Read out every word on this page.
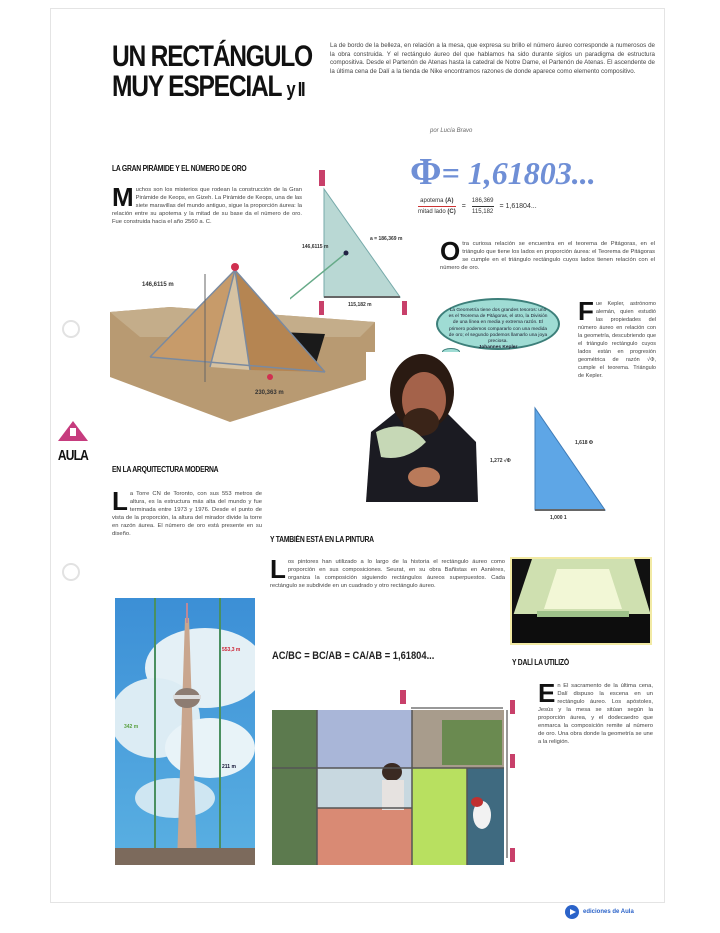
UN RECTÁNGULO
MUY ESPECIAL y II
La de bordo de la belleza, en relación a la mesa, que expresa su brillo el número áureo corresponde a numerosos de la obra construida. Y el rectángulo áureo del que hablamos ha sido durante siglos un paradigma de estructura compositiva. Desde el Partenón de Atenas hasta la catedral de Notre Dame, el Partenón de Atenas. El ascendente de la última cena de Dalí a la tienda de Nike encontramos razones de donde aparece como elemento compositivo.
por Lucía Bravo
Φ= 1,61803...
$\frac{\text{apotema (A)}}{\text{mitad lado (C)}} = \frac{186,369}{115,182} = 1,61804$...
LA GRAN PIRÁMIDE Y EL NÚMERO DE ORO
Muchos son los misterios que rodean la construcción de la Gran Pirámide de Keops, en Gizeh. La Pirámide de Keops, una de las siete maravillas del mundo antiguo, sigue la proporción áurea: la relación entre su apotema y la mitad de su base da el número de oro. Fue construida hacia el año 2560 a. C.
146,6115 m
a = 186,369 m
115,182 m
146,6115 m
230,363 m
Otra curiosa relación se encuentra en el teorema de Pitágoras, en el triángulo que tiene los lados en proporción áurea: el Teorema de Pitágoras se cumple en el triángulo rectángulo cuyos lados tienen relación con el número de oro.
La Geometría tiene dos grandes tesoros: uno es el Teorema de Pitágoras, el otro, la División de una línea en media y extrema razón. El primero podemos compararlo con una medida de oro; el segundo podemos llamarlo una joya preciosa.
Johannes Kepler
Fue Kepler, astrónomo alemán, quien estudió las propiedades del número áureo en relación con la geometría, descubriendo que el triángulo rectángulo cuyos lados están en progresión geométrica de razón √Φ, cumple el teorema. Triángulo de Kepler.
1,618 Φ
1,272 √Φ
1,000 1
AULA
EN LA ARQUITECTURA MODERNA
La Torre CN de Toronto, con sus 553 metros de altura, es la estructura más alta del mundo y fue terminada entre 1973 y 1976. Desde el punto de vista de la proporción, la altura del mirador divide la torre en razón áurea. El número de oro está presente en su diseño.
553,3 m
342 m
211 m
Y TAMBIÉN ESTÁ EN LA PINTURA
Los pintores han utilizado a lo largo de la historia el rectángulo áureo como proporción en sus composiciones. Seurat, en su obra Bañistas en Asnières, organiza la composición siguiendo rectángulos áureos superpuestos. Cada rectángulo se subdivide en un cuadrado y otro rectángulo áureo.
AC/BC = BC/AB = CA/AB = 1,61804...
Y DALÍ LA UTILIZÓ
En El sacramento de la última cena, Dalí dispuso la escena en un rectángulo áureo. Los apóstoles, Jesús y la mesa se sitúan según la proporción áurea, y el dodecaedro que enmarca la composición remite al número de oro. Una obra donde la geometría se une a la religión.
ediciones de Aula
